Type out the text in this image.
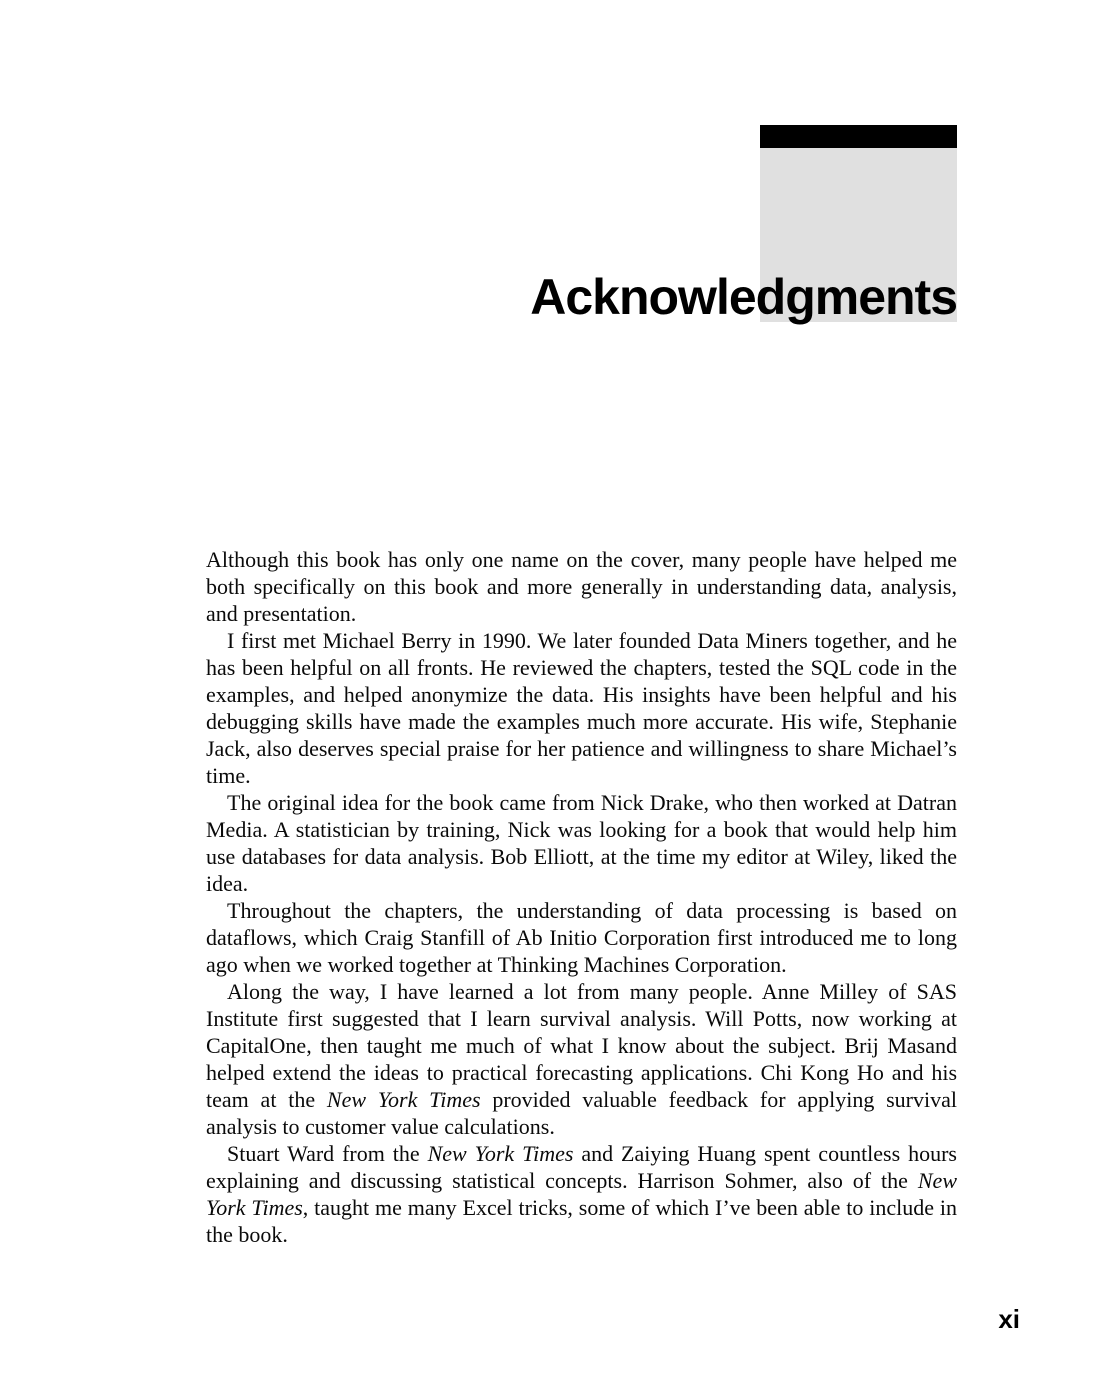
Acknowledgments

Although this book has only one name on the cover, many people have helped me both specifically on this book and more generally in understanding data, analysis, and presentation.

I first met Michael Berry in 1990. We later founded Data Miners together, and he has been helpful on all fronts. He reviewed the chapters, tested the SQL code in the examples, and helped anonymize the data. His insights have been helpful and his debugging skills have made the examples much more accurate. His wife, Stephanie Jack, also deserves special praise for her patience and willingness to share Michael’s time.

The original idea for the book came from Nick Drake, who then worked at Datran Media. A statistician by training, Nick was looking for a book that would help him use databases for data analysis. Bob Elliott, at the time my editor at Wiley, liked the idea.

Throughout the chapters, the understanding of data processing is based on dataflows, which Craig Stanfill of Ab Initio Corporation first introduced me to long ago when we worked together at Thinking Machines Corporation.

Along the way, I have learned a lot from many people. Anne Milley of SAS Institute first suggested that I learn survival analysis. Will Potts, now working at CapitalOne, then taught me much of what I know about the subject. Brij Masand helped extend the ideas to practical forecasting applications. Chi Kong Ho and his team at the New York Times provided valuable feedback for applying survival analysis to customer value calculations.

Stuart Ward from the New York Times and Zaiying Huang spent countless hours explaining and discussing statistical concepts. Harrison Sohmer, also of the New York Times, taught me many Excel tricks, some of which I’ve been able to include in the book.

xi
